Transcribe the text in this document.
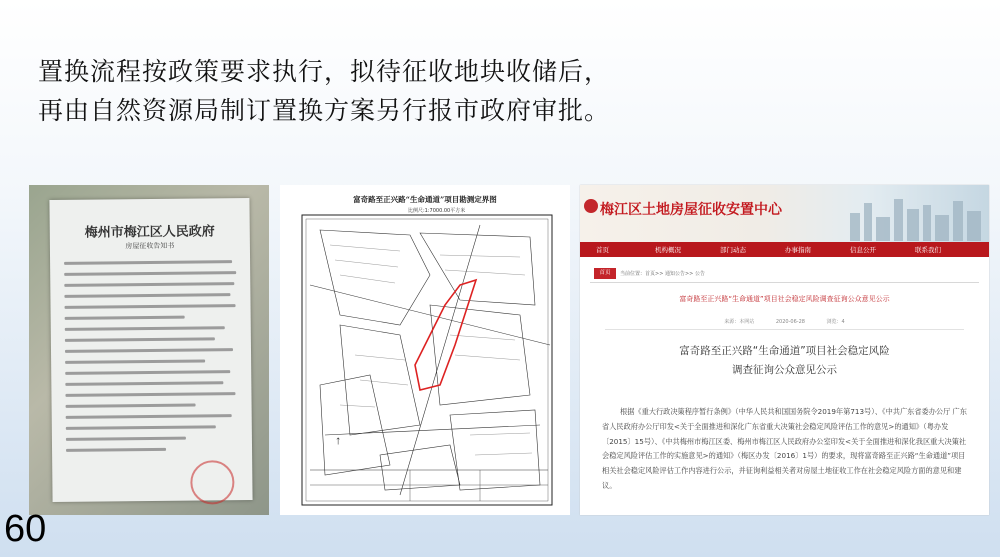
置换流程按政策要求执行，拟待征收地块收储后，
再由自然资源局制订置换方案另行报市政府审批。
梅州市梅江区人民政府
房屋征收告知书
→
富奇路至正兴路“生命通道”项目勘测定界图
比例尺:1:7000.00平方米	梅江区土地房屋征收安置中心
首页	机构概况	部门动态	办事指南	信息公开	联系我们
首页	当前位置：首页>> 通知公告>> 公告
富奇路至正兴路“生命通道”项目社会稳定风险调查征询公众意见公示
来源：本网站	2020-06-28	浏览：4
富奇路至正兴路“生命通道”项目社会稳定风险
调查征询公众意见公示
根据《重大行政决策程序暂行条例》（中华人民共和国国务院令2019年第713号）、《中共广东省委办公厅 广东省人民政府办公厅印发<关于全面推进和深化广东省重大决策社会稳定风险评估工作的意见>的通知》（粤办发〔2015〕15号）、《中共梅州市梅江区委、梅州市梅江区人民政府办公室印发<关于全面推进和深化我区重大决策社会稳定风险评估工作的实施意见>的通知》（梅区办发〔2016〕1号）的要求，现将富奇路至正兴路“生命通道”项目相关社会稳定风险评估工作内容进行公示，并征询利益相关者对房屋土地征收工作在社会稳定风险方面的意见和建议。
60
